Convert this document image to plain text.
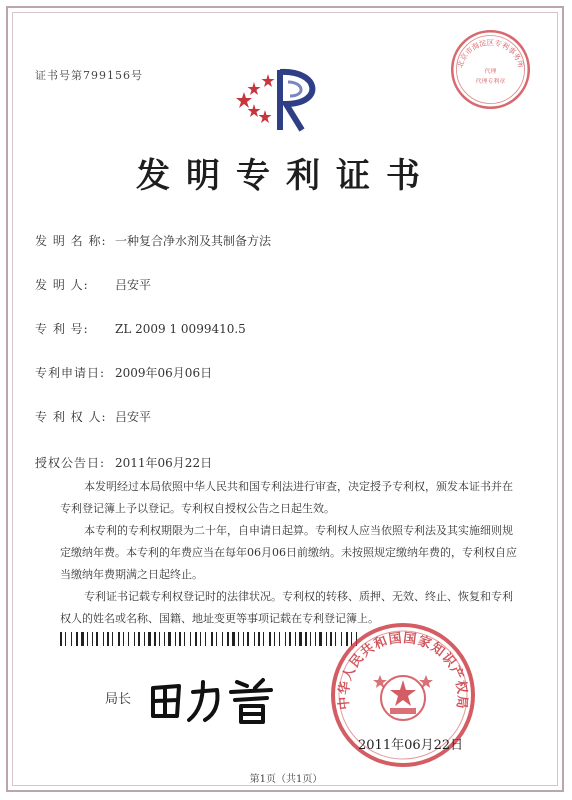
证书号第799156号
北京市海淀区专利事务所
代理
代理专利章
发明专利证书
发 明 名 称: 一种复合净水剂及其制备方法
发 明 人: 吕安平
专 利 号: ZL 2009 1 0099410.5
专利申请日: 2009年06月06日
专 利 权 人: 吕安平
授权公告日: 2011年06月22日

本发明经过本局依照中华人民共和国专利法进行审查，决定授予专利权，颁发本证书并在专利登记簿上予以登记。专利权自授权公告之日起生效。

本专利的专利权期限为二十年，自申请日起算。专利权人应当依照专利法及其实施细则规定缴纳年费。本专利的年费应当在每年06月06日前缴纳。未按照规定缴纳年费的，专利权自应当缴纳年费期满之日起终止。

专利证书记载专利权登记时的法律状况。专利权的转移、质押、无效、终止、恢复和专利权人的姓名或名称、国籍、地址变更等事项记载在专利登记簿上。

局长	中华人民共和国国家知识产权局
2011年06月22日
第1页（共1页）
